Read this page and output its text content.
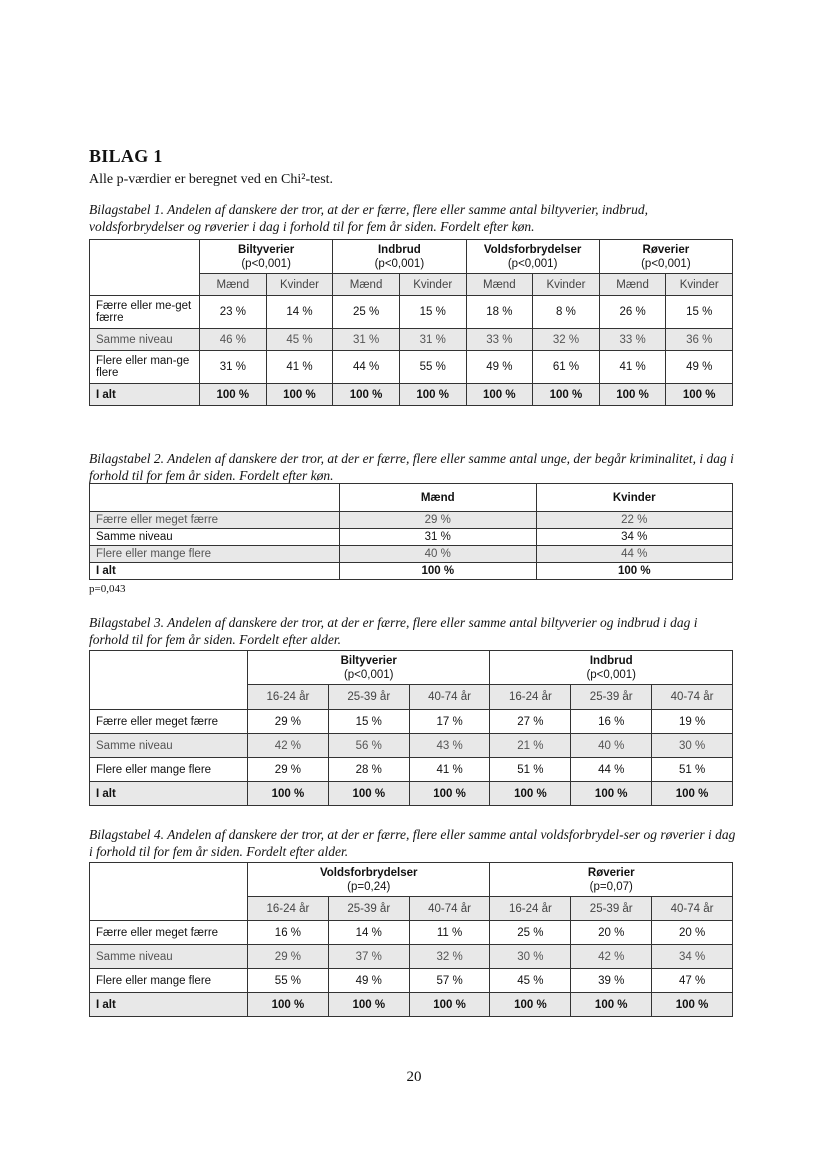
BILAG 1
Alle p-værdier er beregnet ved en Chi²-test.
Bilagstabel 1. Andelen af danskere der tror, at der er færre, flere eller samme antal biltyverier, indbrud, voldsforbrydelser og røverier i dag i forhold til for fem år siden. Fordelt efter køn.
	Biltyverier
(p<0,001)		Indbrud
(p<0,001)		Voldsforbrydelser
(p<0,001)		Røverier
(p<0,001)	
	Mænd	Kvinder	Mænd	Kvinder	Mænd	Kvinder	Mænd	Kvinder
Færre eller me-get færre	23 %	14 %	25 %	15 %	18 %	8 %	26 %	15 %
Samme niveau	46 %	45 %	31 %	31 %	33 %	32 %	33 %	36 %
Flere eller man-ge flere	31 %	41 %	44 %	55 %	49 %	61 %	41 %	49 %
I alt	100 %	100 %	100 %	100 %	100 %	100 %	100 %	100 %
Bilagstabel 2. Andelen af danskere der tror, at der er færre, flere eller samme antal unge, der begår kriminalitet, i dag i forhold til for fem år siden. Fordelt efter køn.
	Mænd	Kvinder
Færre eller meget færre	29 %	22 %
Samme niveau	31 %	34 %
Flere eller mange flere	40 %	44 %
I alt	100 %	100 %
p=0,043
Bilagstabel 3. Andelen af danskere der tror, at der er færre, flere eller samme antal biltyverier og indbrud i dag i forhold til for fem år siden. Fordelt efter alder.
	Biltyverier
(p<0,001)			Indbrud
(p<0,001)		
	16-24 år	25-39 år	40-74 år	16-24 år	25-39 år	40-74 år
Færre eller meget færre	29 %	15 %	17 %	27 %	16 %	19 %
Samme niveau	42 %	56 %	43 %	21 %	40 %	30 %
Flere eller mange flere	29 %	28 %	41 %	51 %	44 %	51 %
I alt	100 %	100 %	100 %	100 %	100 %	100 %
Bilagstabel 4. Andelen af danskere der tror, at der er færre, flere eller samme antal voldsforbrydel-ser og røverier i dag i forhold til for fem år siden. Fordelt efter alder.
	Voldsforbrydelser
(p=0,24)			Røverier
(p=0,07)		
	16-24 år	25-39 år	40-74 år	16-24 år	25-39 år	40-74 år
Færre eller meget færre	16 %	14 %	11 %	25 %	20 %	20 %
Samme niveau	29 %	37 %	32 %	30 %	42 %	34 %
Flere eller mange flere	55 %	49 %	57 %	45 %	39 %	47 %
I alt	100 %	100 %	100 %	100 %	100 %	100 %
20
